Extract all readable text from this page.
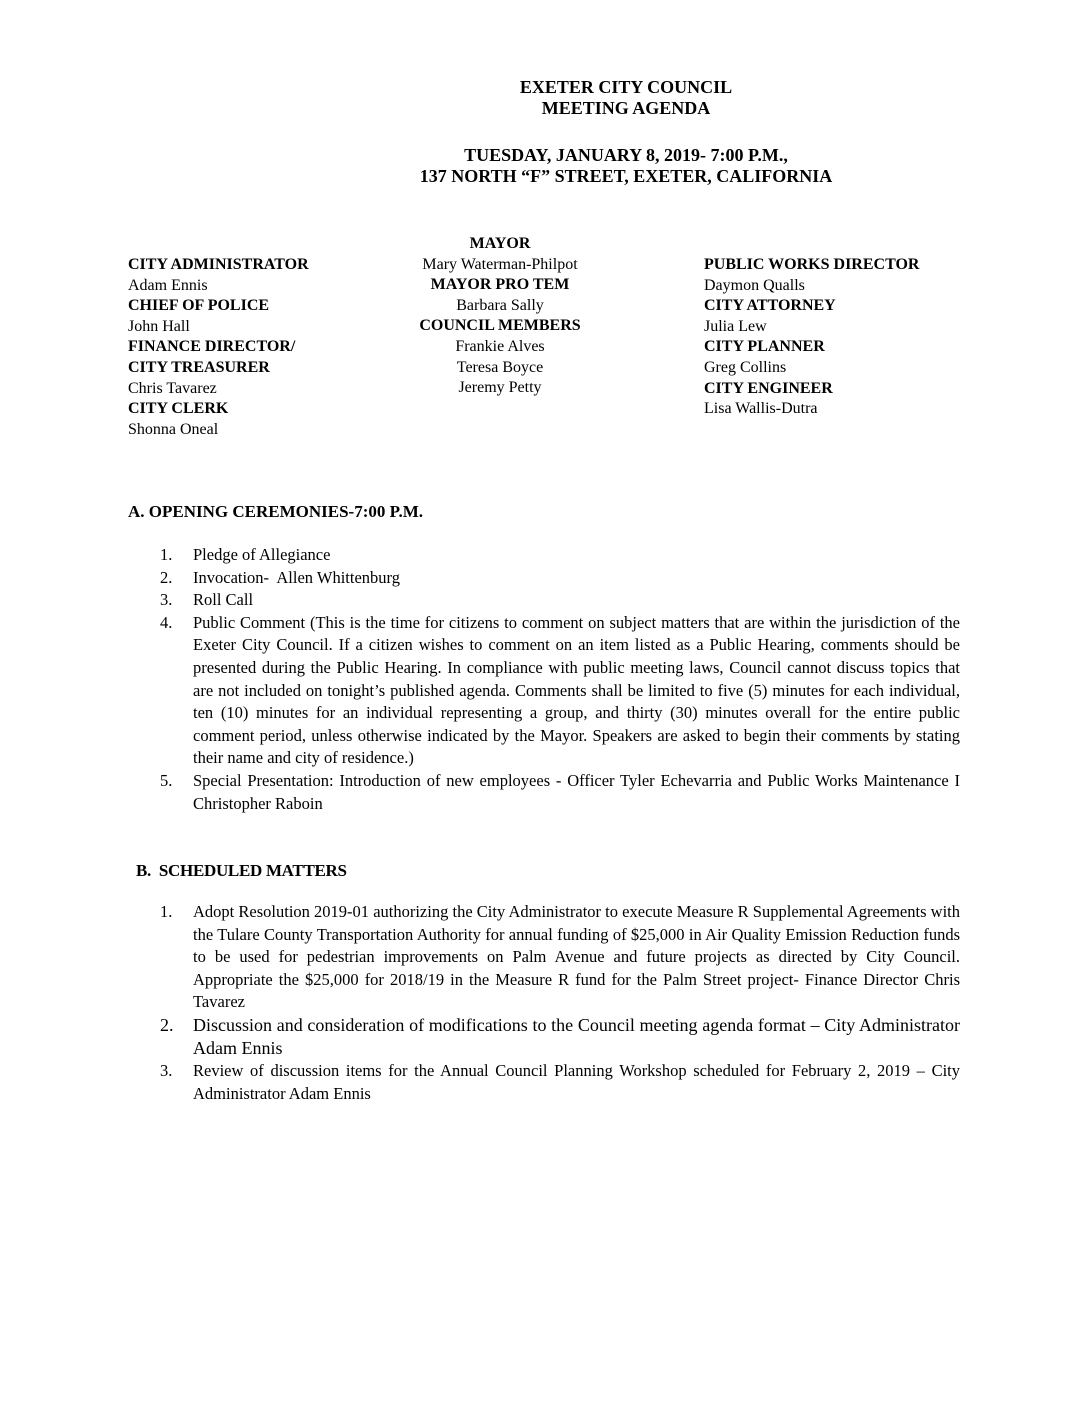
EXETER CITY COUNCIL
MEETING AGENDA
TUESDAY, JANUARY 8, 2019- 7:00 P.M.,
137 NORTH “F” STREET, EXETER, CALIFORNIA
CITY ADMINISTRATOR
Adam Ennis
CHIEF OF POLICE
John Hall
FINANCE DIRECTOR/
CITY TREASURER
Chris Tavarez
CITY CLERK
Shonna Oneal
MAYOR
Mary Waterman-Philpot
MAYOR PRO TEM
Barbara Sally
COUNCIL MEMBERS
Frankie Alves
Teresa Boyce
Jeremy Petty
PUBLIC WORKS DIRECTOR
Daymon Qualls
CITY ATTORNEY
Julia Lew
CITY PLANNER
Greg Collins
CITY ENGINEER
Lisa Wallis-Dutra
A. OPENING CEREMONIES-7:00 P.M.
1. Pledge of Allegiance
2. Invocation-  Allen Whittenburg
3. Roll Call
4. Public Comment (This is the time for citizens to comment on subject matters that are within the jurisdiction of the Exeter City Council. If a citizen wishes to comment on an item listed as a Public Hearing, comments should be presented during the Public Hearing. In compliance with public meeting laws, Council cannot discuss topics that are not included on tonight’s published agenda. Comments shall be limited to five (5) minutes for each individual, ten (10) minutes for an individual representing a group, and thirty (30) minutes overall for the entire public comment period, unless otherwise indicated by the Mayor. Speakers are asked to begin their comments by stating their name and city of residence.)
5. Special Presentation: Introduction of new employees - Officer Tyler Echevarria and Public Works Maintenance I Christopher Raboin
B.  SCHEDULED MATTERS
1. Adopt Resolution 2019-01 authorizing the City Administrator to execute Measure R Supplemental Agreements with the Tulare County Transportation Authority for annual funding of $25,000 in Air Quality Emission Reduction funds to be used for pedestrian improvements on Palm Avenue and future projects as directed by City Council. Appropriate the $25,000 for 2018/19 in the Measure R fund for the Palm Street project- Finance Director Chris Tavarez
2. Discussion and consideration of modifications to the Council meeting agenda format – City Administrator Adam Ennis
3. Review of discussion items for the Annual Council Planning Workshop scheduled for February 2, 2019 – City Administrator Adam Ennis
